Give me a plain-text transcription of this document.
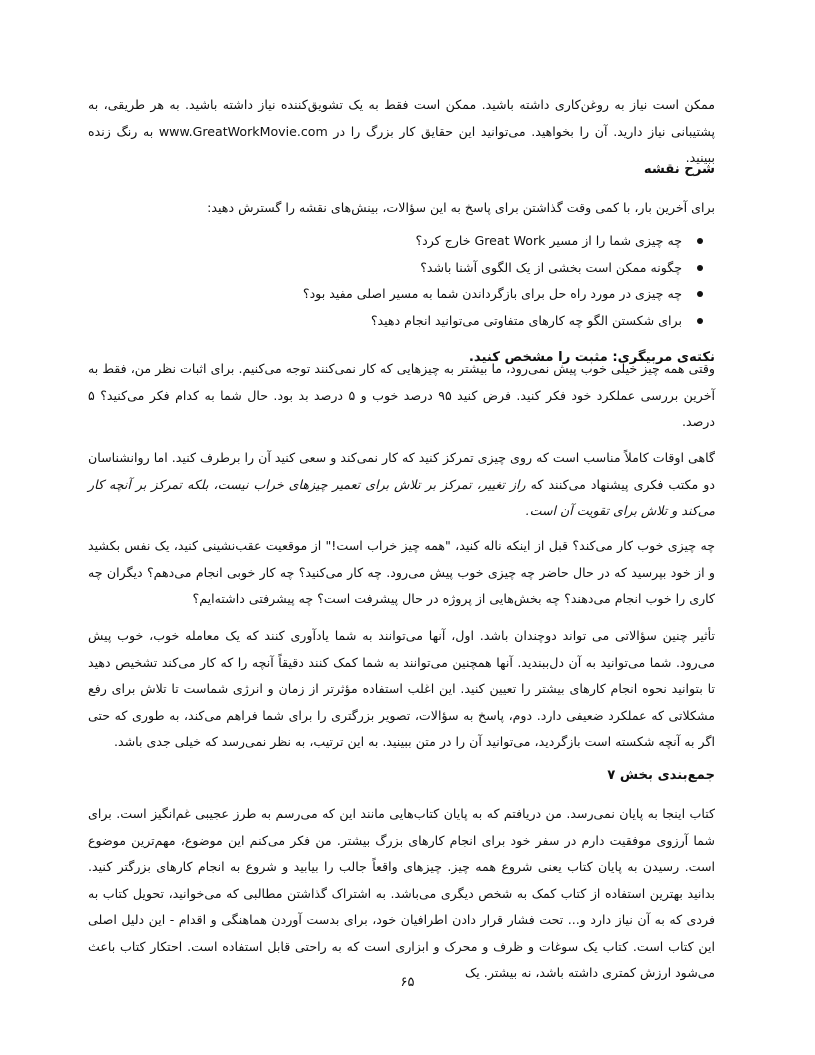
ممکن است نیاز به روغن‌کاری داشته باشید. ممکن است فقط به یک تشویق‌کننده نیاز داشته باشید. به هر طریقی، به پشتیبانی نیاز دارید. آن را بخواهید. می‌توانید این حقایق کار بزرگ را در www.GreatWorkMovie.com به رنگ زنده ببینید.

شرح نقشه

برای آخرین بار، با کمی وقت گذاشتن برای پاسخ به این سؤالات، بینش‌های نقشه را گسترش دهید:

چه چیزی شما را از مسیر Great Work خارج کرد؟
چگونه ممکن است بخشی از یک الگوی آشنا باشد؟
چه چیزی در مورد راه حل برای بازگرداندن شما به مسیر اصلی مفید بود؟
برای شکستن الگو چه کارهای متفاوتی می‌توانید انجام دهید؟
نکته‌ی مربیگری: مثبت را مشخص کنید.

وقتی همه چیز خیلی خوب پیش نمی‌رود، ما بیشتر به چیزهایی که کار نمی‌کنند توجه می‌کنیم. برای اثبات نظر من، فقط به آخرین بررسی عملکرد خود فکر کنید. فرض کنید ۹۵ درصد خوب و ۵ درصد بد بود. حال شما به کدام فکر می‌کنید؟ ۵ درصد.

گاهی اوقات کاملاً مناسب است که روی چیزی تمرکز کنید که کار نمی‌کند و سعی کنید آن را برطرف کنید. اما روانشناسان دو مکتب فکری پیشنهاد می‌کنند که راز تغییر، تمرکز بر تلاش برای تعمیر چیزهای خراب نیست، بلکه تمرکز بر آنچه کار می‌کند و تلاش برای تقویت آن است.

چه چیزی خوب کار می‌کند؟ قبل از اینکه ناله کنید، "همه چیز خراب است!" از موقعیت عقب‌نشینی کنید، یک نفس بکشید و از خود بپرسید که در حال حاضر چه چیزی خوب پیش می‌رود. چه کار می‌کنید؟ چه کار خوبی انجام می‌دهم؟ دیگران چه کاری را خوب انجام می‌دهند؟ چه بخش‌هایی از پروژه در حال پیشرفت است؟ چه پیشرفتی داشته‌ایم؟

تأثیر چنین سؤالاتی می تواند دوچندان باشد. اول، آنها می‌توانند به شما یادآوری کنند که یک معامله خوب، خوب پیش می‌رود. شما می‌توانید به آن دل‌ببندید. آنها همچنین می‌توانند به شما کمک کنند دقیقاً آنچه را که کار می‌کند تشخیص دهید تا بتوانید نحوه انجام کارهای بیشتر را تعیین کنید. این اغلب استفاده مؤثرتر از زمان و انرژی شماست تا تلاش برای رفع مشکلاتی که عملکرد ضعیفی دارد. دوم، پاسخ به سؤالات، تصویر بزرگتری را برای شما فراهم می‌کند، به طوری که حتی اگر به آنچه شکسته است بازگردید، می‌توانید آن را در متن ببینید. به این ترتیب، به نظر نمی‌رسد که خیلی جدی باشد.

جمع‌بندی بخش ۷

کتاب اینجا به پایان نمی‌رسد. من دریافتم که به پایان کتاب‌هایی مانند این که می‌رسم به طرز عجیبی غم‌انگیز است. برای شما آرزوی موفقیت دارم در سفر خود برای انجام کارهای بزرگ بیشتر. من فکر می‌کنم این موضوع، مهم‌ترین موضوع است. رسیدن به پایان کتاب یعنی شروع همه چیز. چیزهای واقعاً جالب را بیابید و شروع به انجام کارهای بزرگتر کنید. بدانید بهترین استفاده از کتاب کمک به شخص دیگری می‌باشد. به اشتراک گذاشتن مطالبی که می‌خوانید، تحویل کتاب به فردی که به آن نیاز دارد و... تحت فشار قرار دادن اطرافیان خود، برای بدست آوردن هماهنگی و اقدام - این دلیل اصلی این کتاب است. کتاب یک سوغات و ظرف و محرک و ابزاری است که به راحتی قابل استفاده است. احتکار کتاب باعث می‌شود ارزش کمتری داشته باشد، نه بیشتر. یک

۶۵
